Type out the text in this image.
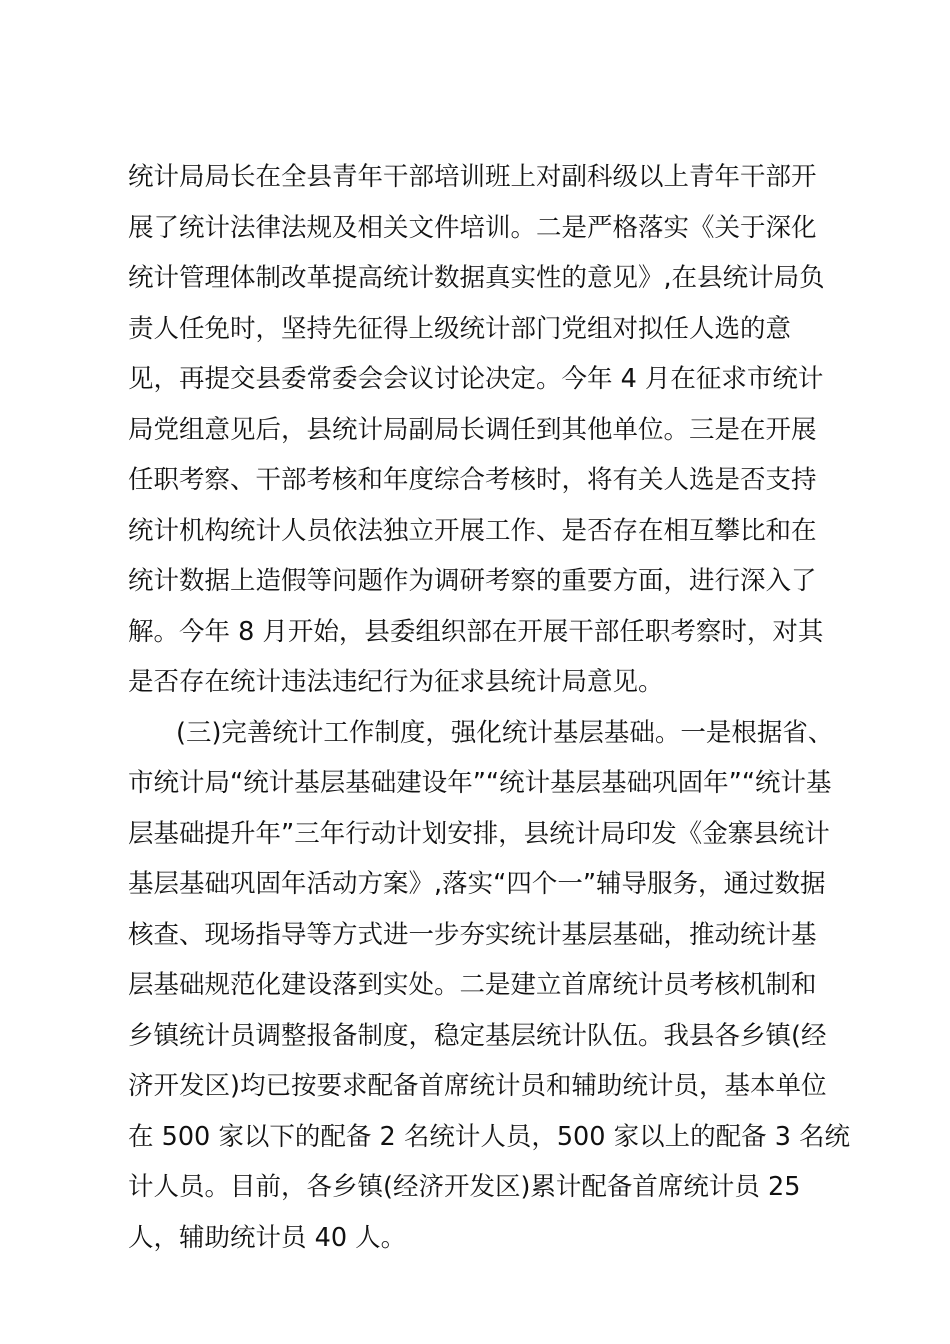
统计局局长在全县青年干部培训班上对副科级以上青年干部开
展了统计法律法规及相关文件培训。二是严格落实《关于深化
统计管理体制改革提高统计数据真实性的意见》,在县统计局负
责人任免时，坚持先征得上级统计部门党组对拟任人选的意
见，再提交县委常委会会议讨论决定。今年 4 月在征求市统计
局党组意见后，县统计局副局长调任到其他单位。三是在开展
任职考察、干部考核和年度综合考核时，将有关人选是否支持
统计机构统计人员依法独立开展工作、是否存在相互攀比和在
统计数据上造假等问题作为调研考察的重要方面，进行深入了
解。今年 8 月开始，县委组织部在开展干部任职考察时，对其
是否存在统计违法违纪行为征求县统计局意见。
(三)完善统计工作制度，强化统计基层基础。一是根据省、
市统计局“统计基层基础建设年”“统计基层基础巩固年”“统计基
层基础提升年”三年行动计划安排，县统计局印发《金寨县统计
基层基础巩固年活动方案》,落实“四个一”辅导服务，通过数据
核查、现场指导等方式进一步夯实统计基层基础，推动统计基
层基础规范化建设落到实处。二是建立首席统计员考核机制和
乡镇统计员调整报备制度，稳定基层统计队伍。我县各乡镇(经
济开发区)均已按要求配备首席统计员和辅助统计员，基本单位
在 500 家以下的配备 2 名统计人员，500 家以上的配备 3 名统
计人员。目前，各乡镇(经济开发区)累计配备首席统计员 25
人，辅助统计员 40 人。
